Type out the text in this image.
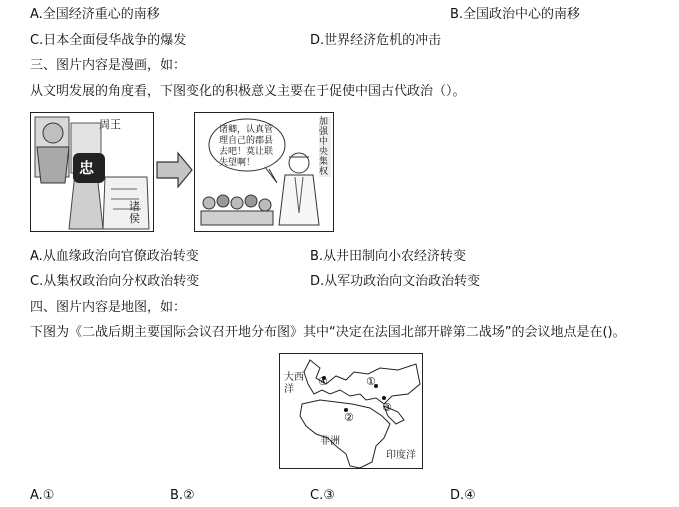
A.全国经济重心的南移	B.全国政治中心的南移
C.日本全面侵华战争的爆发	D.世界经济危机的冲击
三、图片内容是漫画，如：
从文明发展的角度看，下图变化的积极意义主要在于促使中国古代政治（）。
周王
诸侯
忠
诸卿，认真管
理自己的郡县
去吧！莫让联
失望啊！
加强中央集权
A.从血缘政治向官僚政治转变	B.从井田制向小农经济转变
C.从集权政治向分权政治转变	D.从军功政治向文治政治转变
四、图片内容是地图，如：
下图为《二战后期主要国际会议召开地分布图》其中“决定在法国北部开辟第二战场”的会议地点是在()。
大西
洋
非洲
印度洋
④	①
②
③
A.①	B.②	C.③	D.④
